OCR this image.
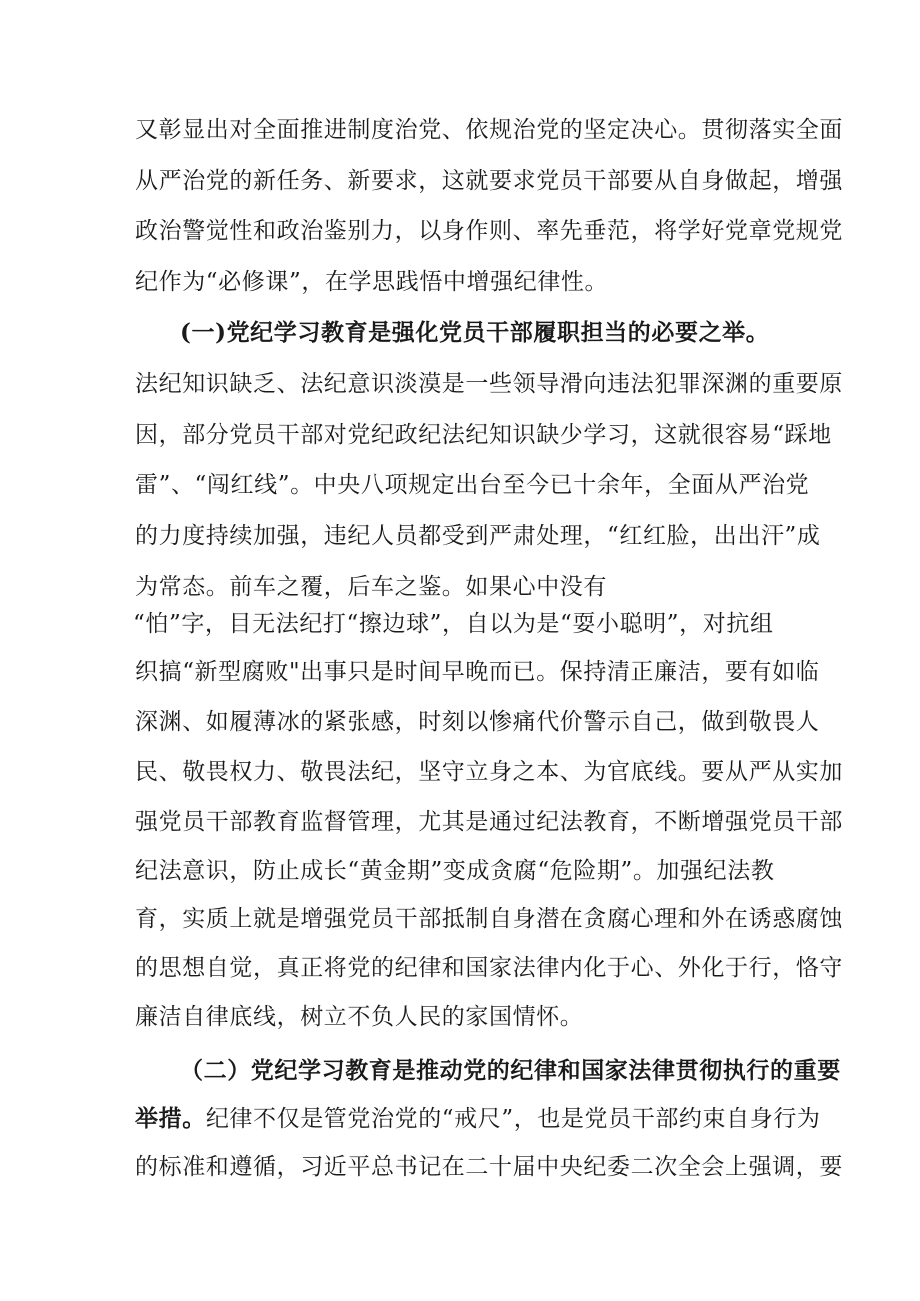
又彰显出对全面推进制度治党、依规治党的坚定决心。贯彻落实全面
从严治党的新任务、新要求，这就要求党员干部要从自身做起，增强
政治警觉性和政治鉴别力，以身作则、率先垂范，将学好党章党规党
纪作为“必修课”，在学思践悟中增强纪律性。
(一)党纪学习教育是强化党员干部履职担当的必要之举。
法纪知识缺乏、法纪意识淡漠是一些领导滑向违法犯罪深渊的重要原
因，部分党员干部对党纪政纪法纪知识缺少学习，这就很容易“踩地
雷”、“闯红线”。中央八项规定出台至今已十余年，全面从严治党
的力度持续加强，违纪人员都受到严肃处理，“红红脸，出出汗”成
为常态。前车之覆，后车之鉴。如果心中没有
“怕”字，目无法纪打“擦边球”，自以为是“耍小聪明”，对抗组
织搞“新型腐败"出事只是时间早晚而已。保持清正廉洁，要有如临
深渊、如履薄冰的紧张感，时刻以惨痛代价警示自己，做到敬畏人
民、敬畏权力、敬畏法纪，坚守立身之本、为官底线。要从严从实加
强党员干部教育监督管理，尤其是通过纪法教育，不断增强党员干部
纪法意识，防止成长“黄金期”变成贪腐“危险期”。加强纪法教
育，实质上就是增强党员干部抵制自身潜在贪腐心理和外在诱惑腐蚀
的思想自觉，真正将党的纪律和国家法律内化于心、外化于行，恪守
廉洁自律底线，树立不负人民的家国情怀。
（二）党纪学习教育是推动党的纪律和国家法律贯彻执行的重要
举措。纪律不仅是管党治党的“戒尺”，也是党员干部约束自身行为
的标准和遵循，习近平总书记在二十届中央纪委二次全会上强调，要
